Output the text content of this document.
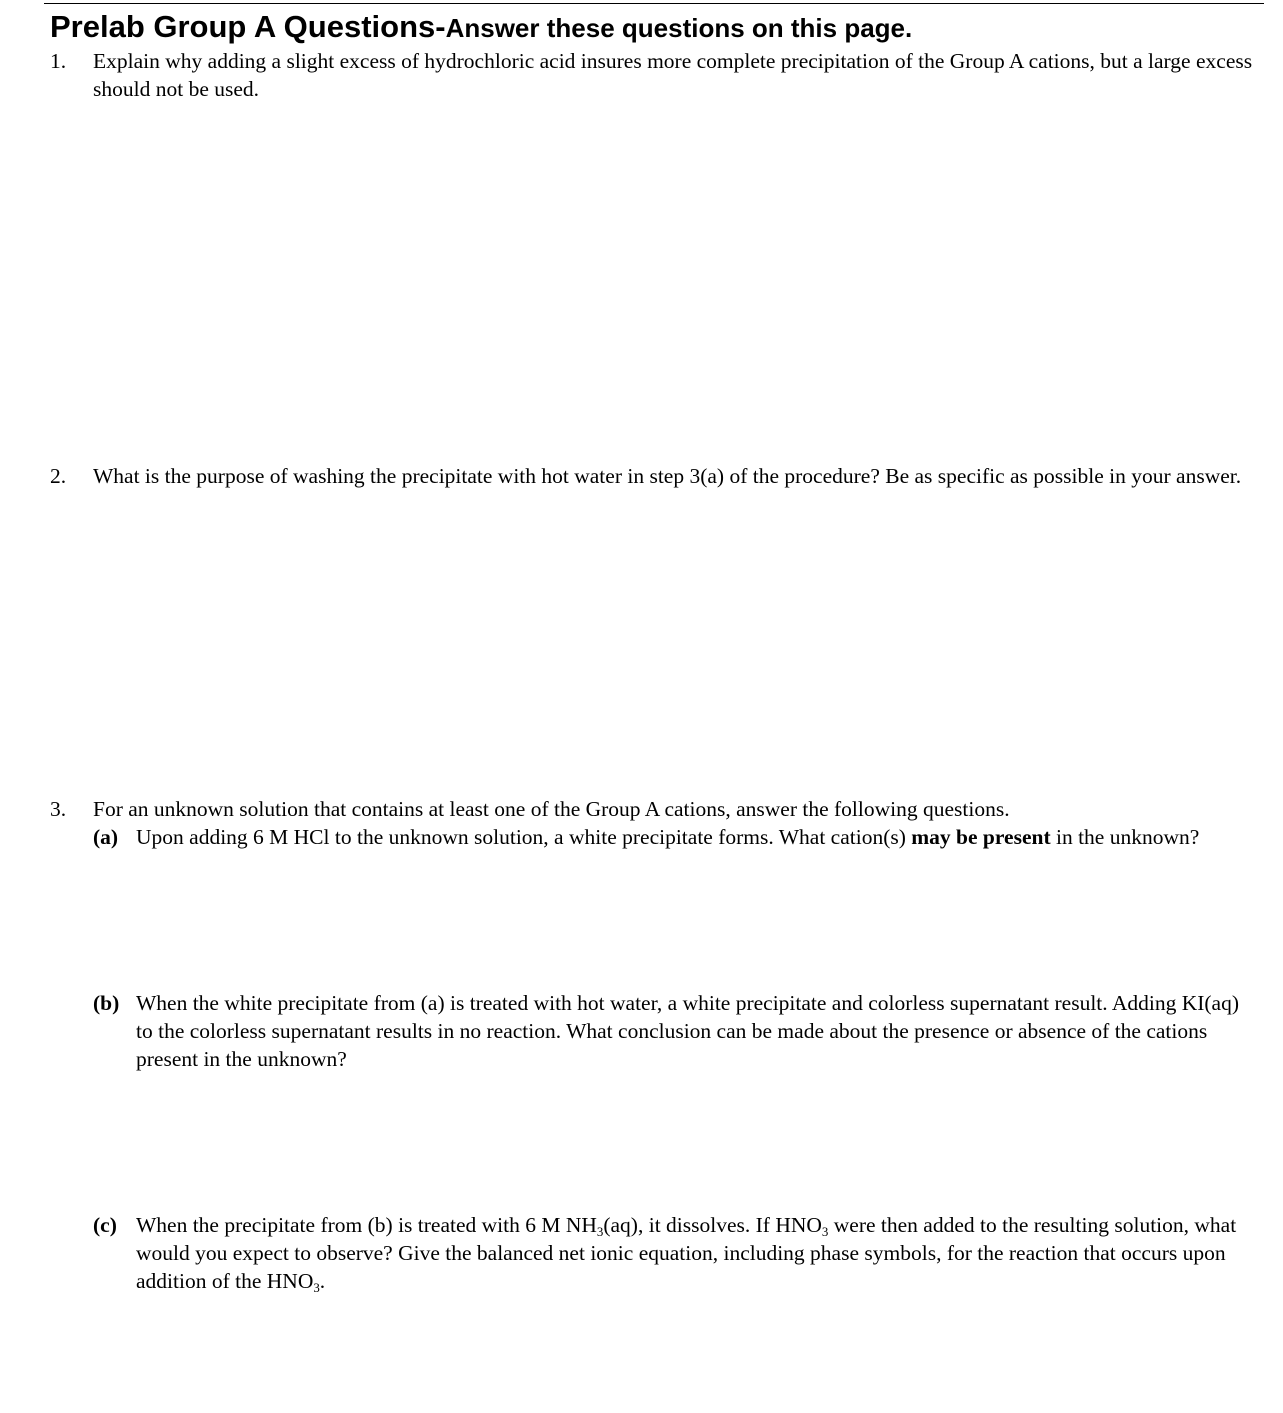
Prelab Group A Questions-Answer these questions on this page.
1. Explain why adding a slight excess of hydrochloric acid insures more complete precipitation of the Group A cations, but a large excess should not be used.
2. What is the purpose of washing the precipitate with hot water in step 3(a) of the procedure? Be as specific as possible in your answer.
3. For an unknown solution that contains at least one of the Group A cations, answer the following questions.
(a) Upon adding 6 M HCl to the unknown solution, a white precipitate forms. What cation(s) may be present in the unknown?
(b) When the white precipitate from (a) is treated with hot water, a white precipitate and colorless supernatant result. Adding KI(aq) to the colorless supernatant results in no reaction. What conclusion can be made about the presence or absence of the cations present in the unknown?
(c) When the precipitate from (b) is treated with 6 M $NH_3(aq)$, it dissolves. If $HNO_3$ were then added to the resulting solution, what would you expect to observe? Give the balanced net ionic equation, including phase symbols, for the reaction that occurs upon addition of the $HNO_3$.
